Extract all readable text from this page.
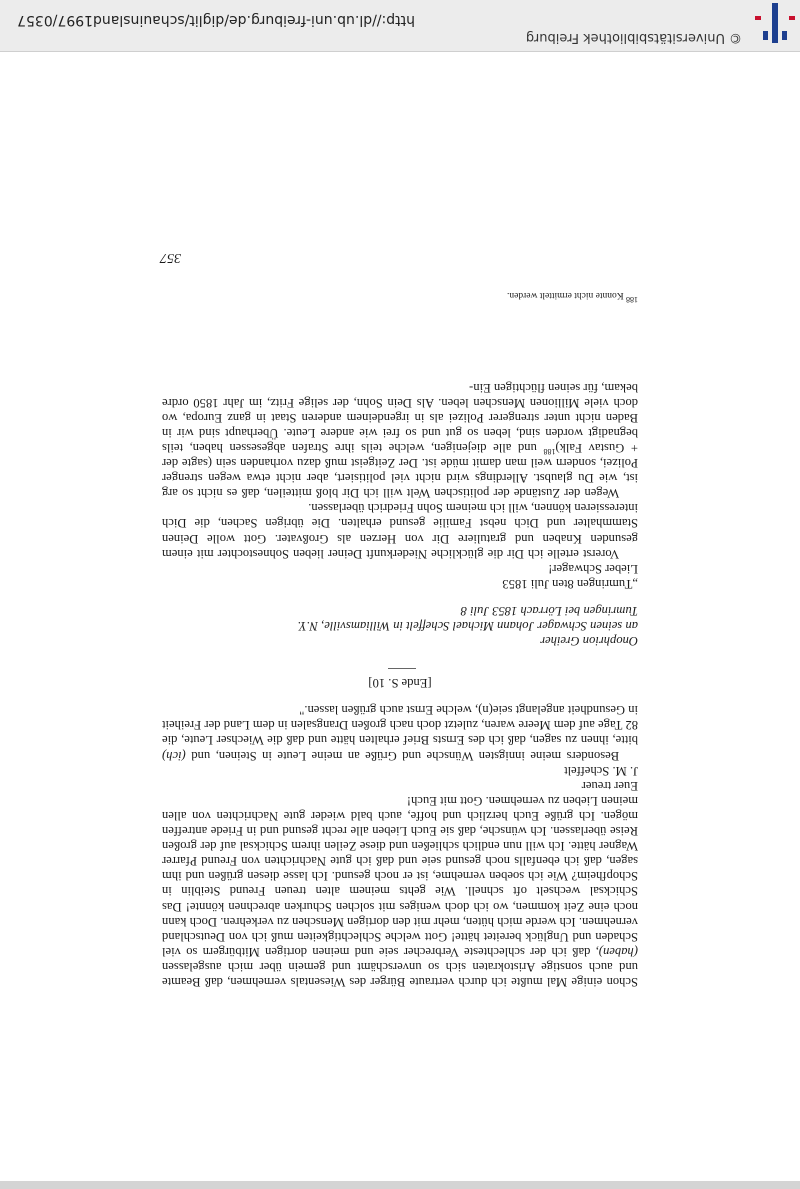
Schon einige Mal mußte ich durch vertraute Bürger des Wiesentals vernehmen, daß Beamte und auch sonstige Aristokraten sich so unverschämt und gemein über mich ausgelassen (haben), daß ich der schlechteste Verbrecher seie und meinen dortigen Mitbürgern so viel Schaden und Unglück bereitet hätte! Gott welche Schlechtigkeiten muß ich von Deutschland vernehmen. Ich werde mich hüten, mehr mit den dortigen Menschen zu verkehren. Doch kann noch eine Zeit kommen, wo ich doch weniges mit solchen Schurken abrechnen könnte! Das Schicksal wechselt oft schnell. Wie gehts meinem alten treuen Freund Steiblin in Schopfheim? Wie ich soeben vernehme, ist er noch gesund. Ich lasse diesen grüßen und ihm sagen, daß ich ebenfalls noch gesund seie und daß ich gute Nachrichten von Freund Pfarrer Wagner hätte. Ich will nun endlich schließen und diese Zeilen ihrem Schicksal auf der großen Reise überlassen. Ich wünsche, daß sie Euch Lieben alle recht gesund und in Friede antreffen mögen. Ich grüße Euch herzlich und hoffe, auch bald wieder gute Nachrichten von allen meinen Lieben zu vernehmen. Gott mit Euch!

Euer treuer

J. M. Scheffelt

Besonders meine innigsten Wünsche und Grüße an meine Leute in Steinen, und (ich) bitte, ihnen zu sagen, daß ich des Ernsts Brief erhalten hätte und daß die Wiechser Leute, die 82 Tage auf dem Meere waren, zuletzt doch nach großen Drangsalen in dem Land der Freiheit in Gesundheit angelangt seie(n), welche Ernst auch grüßen lassen."

[Ende S. 10]

Onophrion Greiher

an seinen Schwager Johann Michael Scheffelt in Williamsville, N.Y.

Tumringen bei Lörrach 1853 Juli 8

„Tumringen 8ten Juli 1853

Lieber Schwager!

Vorerst ertelle ich Dir die glückliche Niederkunft Deiner lieben Sohnestochter mit einem gesunden Knaben und gratuliere Dir von Herzen als Großvater. Gott wolle Deinen Stammhalter und Dich nebst Familie gesund erhalten. Die übrigen Sachen, die Dich interessieren können, will ich meinem Sohn Friedrich überlassen.

Wegen der Zustände der politischen Welt will ich Dir bloß mitteilen, daß es nicht so arg ist, wie Du glaubst. Allerdings wird nicht viel politisiert, aber nicht etwa wegen strenger Polizei, sondern weil man damit müde ist. Der Zeitgeist muß dazu vorhanden sein (sagte der + Gustav Falk)$^{188}$ und alle diejenigen, welche teils ihre Strafen abgesessen haben, teils begnadigt worden sind, leben so gut und so frei wie andere Leute. Überhaupt sind wir in Baden nicht unter strengerer Polizei als in irgendeinem anderen Staat in ganz Europa, wo doch viele Millionen Menschen leben. Als Dein Sohn, der selige Fritz, im Jahr 1850 ordre bekam, für seinen flüchtigen Ein-

$^{188}$ Konnte nicht ermittelt werden.
357
©Universitätsbibliothek Freiburg
http://dl.ub.uni-freiburg.de/diglit/schauinsland1997/0357
